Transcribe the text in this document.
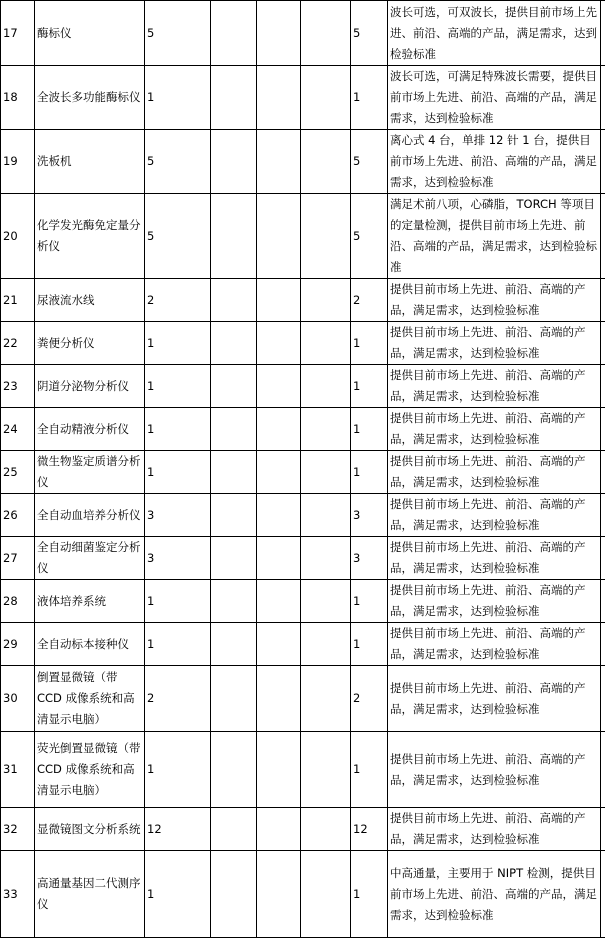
17	酶标仪	5				5	波长可选，可双波长，提供目前市场上先进、前沿、高端的产品，满足需求，达到检验标准	
18	全波长多功能酶标仪	1				1	波长可选，可满足特殊波长需要，提供目前市场上先进、前沿、高端的产品，满足需求，达到检验标准	
19	洗板机	5				5	离心式 4 台，单排 12 针 1 台，提供目前市场上先进、前沿、高端的产品，满足需求，达到检验标准	
20	化学发光酶免定量分析仪	5				5	满足术前八项，心磷脂，TORCH 等项目的定量检测，提供目前市场上先进、前沿、高端的产品，满足需求，达到检验标准	
21	尿液流水线	2				2	提供目前市场上先进、前沿、高端的产品，满足需求，达到检验标准	
22	粪便分析仪	1				1	提供目前市场上先进、前沿、高端的产品，满足需求，达到检验标准	
23	阴道分泌物分析仪	1				1	提供目前市场上先进、前沿、高端的产品，满足需求，达到检验标准	
24	全自动精液分析仪	1				1	提供目前市场上先进、前沿、高端的产品，满足需求，达到检验标准	
25	微生物鉴定质谱分析仪	1				1	提供目前市场上先进、前沿、高端的产品，满足需求，达到检验标准	
26	全自动血培养分析仪	3				3	提供目前市场上先进、前沿、高端的产品，满足需求，达到检验标准	
27	全自动细菌鉴定分析仪	3				3	提供目前市场上先进、前沿、高端的产品，满足需求，达到检验标准	
28	液体培养系统	1				1	提供目前市场上先进、前沿、高端的产品，满足需求，达到检验标准	
29	全自动标本接种仪	1				1	提供目前市场上先进、前沿、高端的产品，满足需求，达到检验标准	
30	倒置显微镜（带 CCD 成像系统和高清显示电脑）	2				2	提供目前市场上先进、前沿、高端的产品，满足需求，达到检验标准	
31	荧光倒置显微镜（带 CCD 成像系统和高清显示电脑）	1				1	提供目前市场上先进、前沿、高端的产品，满足需求，达到检验标准	
32	显微镜图文分析系统	12				12	提供目前市场上先进、前沿、高端的产品，满足需求，达到检验标准	
33	高通量基因二代测序仪	1				1	中高通量，主要用于 NIPT 检测，提供目前市场上先进、前沿、高端的产品，满足需求，达到检验标准	
